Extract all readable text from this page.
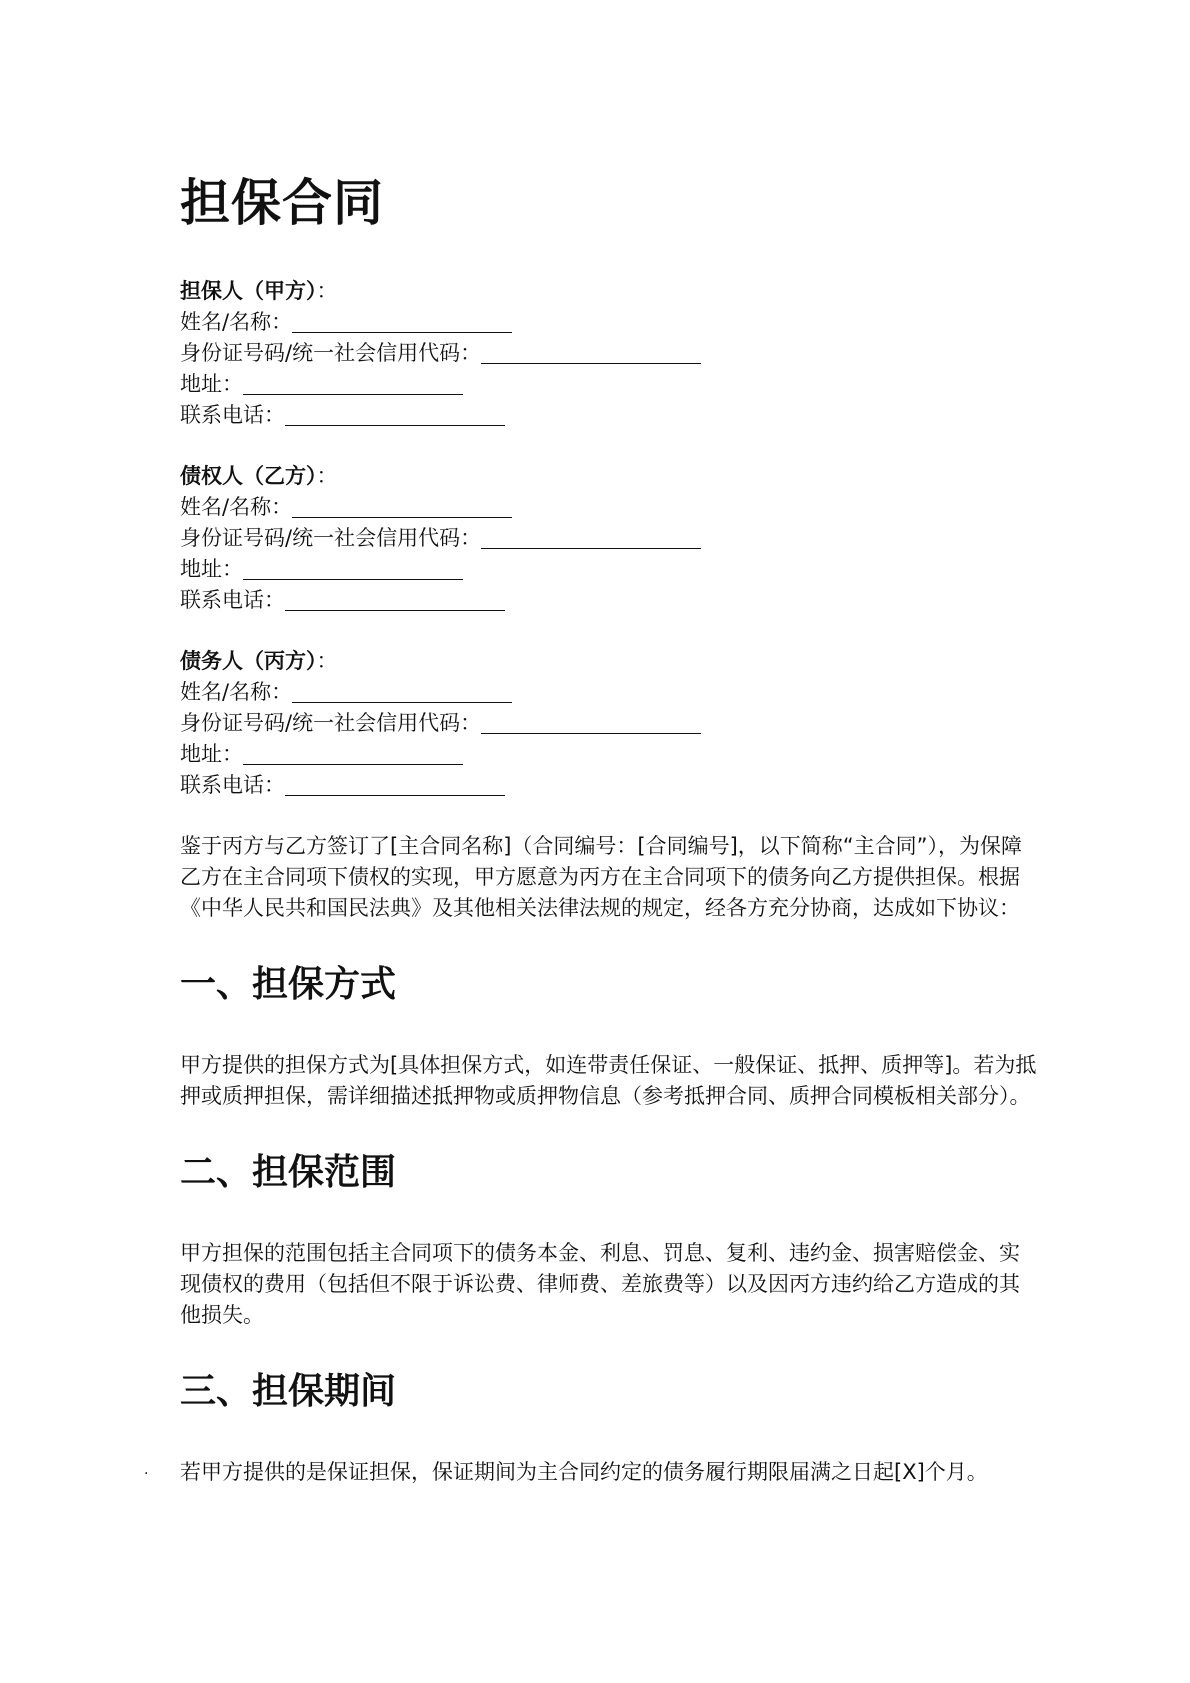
担保合同
担保人（甲方）：
姓名/名称：
身份证号码/统一社会信用代码：
地址：
联系电话：
债权人（乙方）：
姓名/名称：
身份证号码/统一社会信用代码：
地址：
联系电话：
债务人（丙方）：
姓名/名称：
身份证号码/统一社会信用代码：
地址：
联系电话：

鉴于丙方与乙方签订了[主合同名称]（合同编号：[合同编号]，以下简称“主合同”），为保障乙方在主合同项下债权的实现，甲方愿意为丙方在主合同项下的债务向乙方提供担保。根据《中华人民共和国民法典》及其他相关法律法规的规定，经各方充分协商，达成如下协议：

一、担保方式

甲方提供的担保方式为[具体担保方式，如连带责任保证、一般保证、抵押、质押等]。若为抵押或质押担保，需详细描述抵押物或质押物信息（参考抵押合同、质押合同模板相关部分）。

二、担保范围

甲方担保的范围包括主合同项下的债务本金、利息、罚息、复利、违约金、损害赔偿金、实现债权的费用（包括但不限于诉讼费、律师费、差旅费等）以及因丙方违约给乙方造成的其他损失。

三、担保期间
· 若甲方提供的是保证担保，保证期间为主合同约定的债务履行期限届满之日起[X]个月。
